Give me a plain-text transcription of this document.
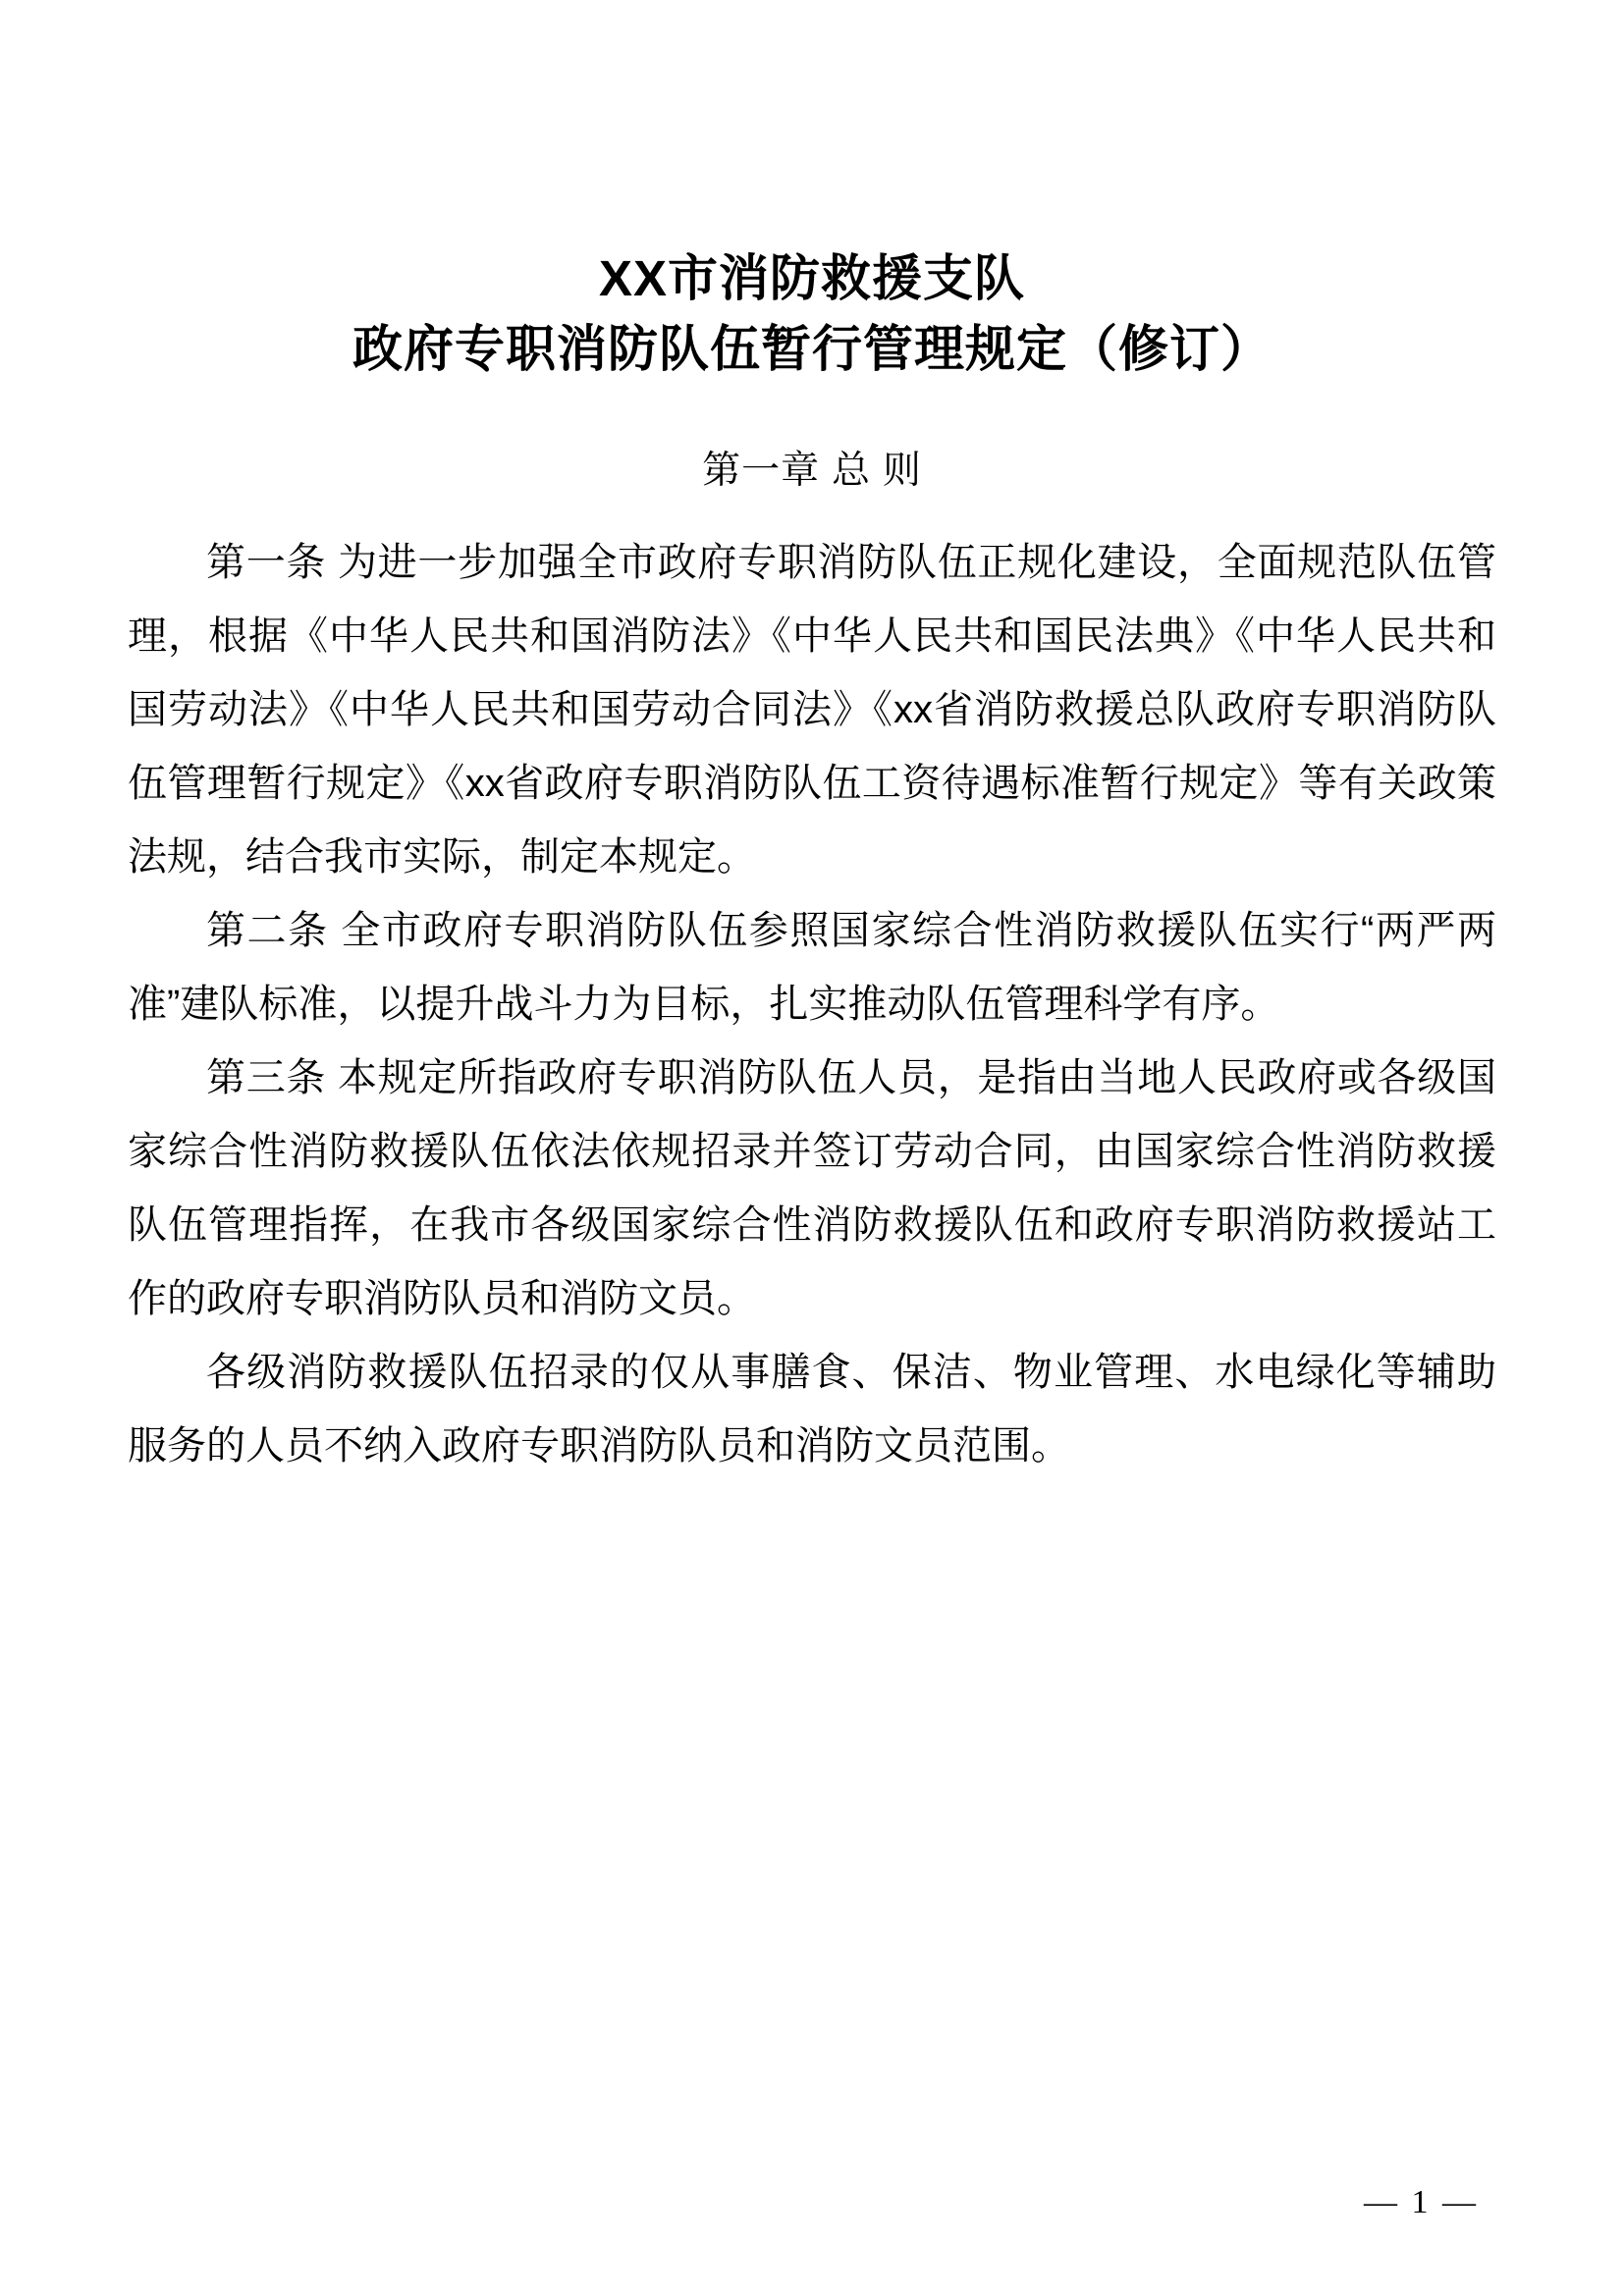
XX市消防救援支队
政府专职消防队伍暂行管理规定（修订）
第一章 总 则

第一条 为进一步加强全市政府专职消防队伍正规化建设，全面规范队伍管理，根据《中华人民共和国消防法》《中华人民共和国民法典》《中华人民共和国劳动法》《中华人民共和国劳动合同法》《xx省消防救援总队政府专职消防队伍管理暂行规定》《xx省政府专职消防队伍工资待遇标准暂行规定》等有关政策法规，结合我市实际，制定本规定。

第二条 全市政府专职消防队伍参照国家综合性消防救援队伍实行“两严两准”建队标准，以提升战斗力为目标，扎实推动队伍管理科学有序。

第三条 本规定所指政府专职消防队伍人员，是指由当地人民政府或各级国家综合性消防救援队伍依法依规招录并签订劳动合同，由国家综合性消防救援队伍管理指挥，在我市各级国家综合性消防救援队伍和政府专职消防救援站工作的政府专职消防队员和消防文员。

各级消防救援队伍招录的仅从事膳食、保洁、物业管理、水电绿化等辅助服务的人员不纳入政府专职消防队员和消防文员范围。

— 1 —
